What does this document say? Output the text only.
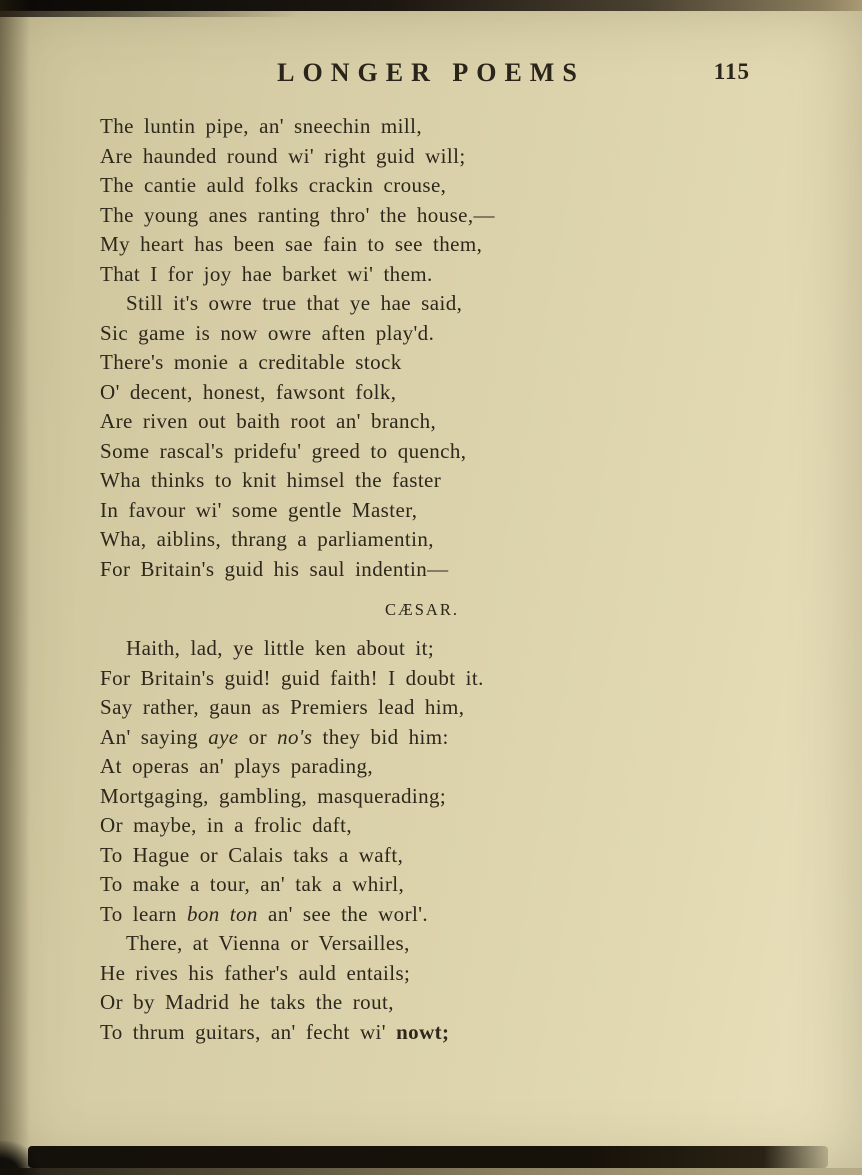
LONGER POEMS	115
The luntin pipe, an' sneechin mill,
Are haunded round wi' right guid will;
The cantie auld folks crackin crouse,
The young anes ranting thro' the house,—
My heart has been sae fain to see them,
That I for joy hae barket wi' them.
Still it's owre true that ye hae said,
Sic game is now owre aften play'd.
There's monie a creditable stock
O' decent, honest, fawsont folk,
Are riven out baith root an' branch,
Some rascal's pridefu' greed to quench,
Wha thinks to knit himsel the faster
In favour wi' some gentle Master,
Wha, aiblins, thrang a parliamentin,
For Britain's guid his saul indentin—
CÆSAR.
Haith, lad, ye little ken about it;
For Britain's guid! guid faith! I doubt it.
Say rather, gaun as Premiers lead him,
An' saying aye or no's they bid him:
At operas an' plays parading,
Mortgaging, gambling, masquerading;
Or maybe, in a frolic daft,
To Hague or Calais taks a waft,
To make a tour, an' tak a whirl,
To learn bon ton an' see the worl'.
There, at Vienna or Versailles,
He rives his father's auld entails;
Or by Madrid he taks the rout,
To thrum guitars, an' fecht wi' nowt;
